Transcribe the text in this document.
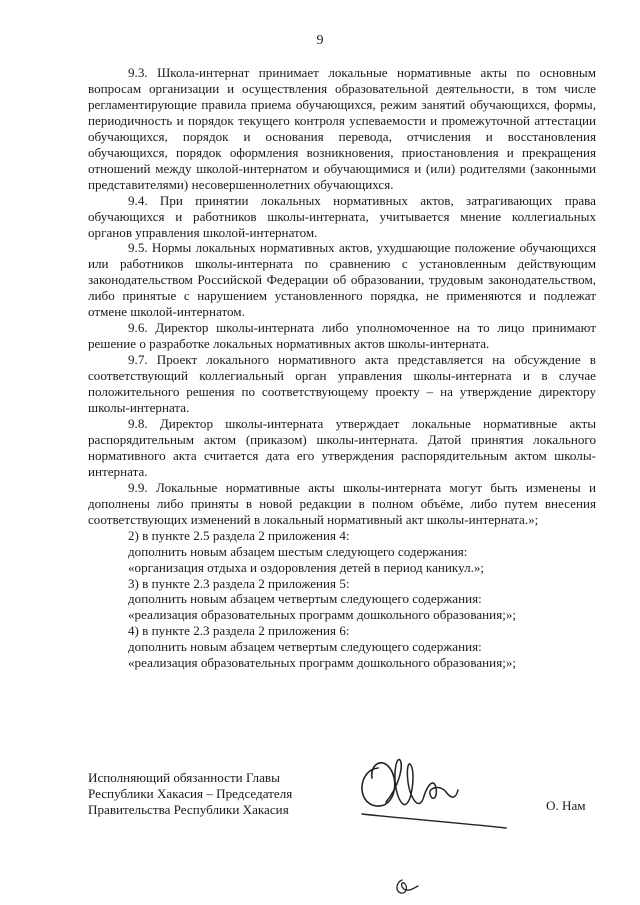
9

9.3. Школа-интернат принимает локальные нормативные акты по основным вопросам организации и осуществления образовательной деятельности, в том числе регламентирующие правила приема обучающихся, режим занятий обучающихся, формы, периодичность и порядок текущего контроля успеваемости и промежуточной аттестации обучающихся, порядок и основания перевода, отчисления и восстановления обучающихся, порядок оформления возникновения, приостановления и прекращения отношений между школой-интернатом и обучающимися и (или) родителями (законными представителями) несовершеннолетних обучающихся.

9.4. При принятии локальных нормативных актов, затрагивающих права обучающихся и работников школы-интерната, учитывается мнение коллегиальных органов управления школой-интернатом.

9.5. Нормы локальных нормативных актов, ухудшающие положение обучающихся или работников школы-интерната по сравнению с установленным действующим законодательством Российской Федерации об образовании, трудовым законодательством, либо принятые с нарушением установленного порядка, не применяются и подлежат отмене школой-интернатом.

9.6. Директор школы-интерната либо уполномоченное на то лицо принимают решение о разработке локальных нормативных актов школы-интерната.

9.7. Проект локального нормативного акта представляется на обсуждение в соответствующий коллегиальный орган управления школы-интерната и в случае положительного решения по соответствующему проекту – на утверждение директору школы-интерната.

9.8. Директор школы-интерната утверждает локальные нормативные акты распорядительным актом (приказом) школы-интерната. Датой принятия локального нормативного акта считается дата его утверждения распорядительным актом школы-интерната.

9.9. Локальные нормативные акты школы-интерната могут быть изменены и дополнены либо приняты в новой редакции в полном объёме, либо путем внесения соответствующих изменений в локальный нормативный акт школы-интерната.»;

2) в пункте 2.5 раздела 2 приложения 4:

дополнить новым абзацем шестым следующего содержания:

«организация отдыха и оздоровления детей в период каникул.»;

3) в пункте 2.3 раздела 2 приложения 5:

дополнить новым абзацем четвертым следующего содержания:

«реализация образовательных программ дошкольного образования;»;

4) в пункте 2.3 раздела 2 приложения 6:

дополнить новым абзацем четвертым следующего содержания:

«реализация образовательных программ дошкольного образования;»;

Исполняющий обязанности Главы

Республики Хакасия – Председателя

Правительства Республики Хакасия	О. Нам
